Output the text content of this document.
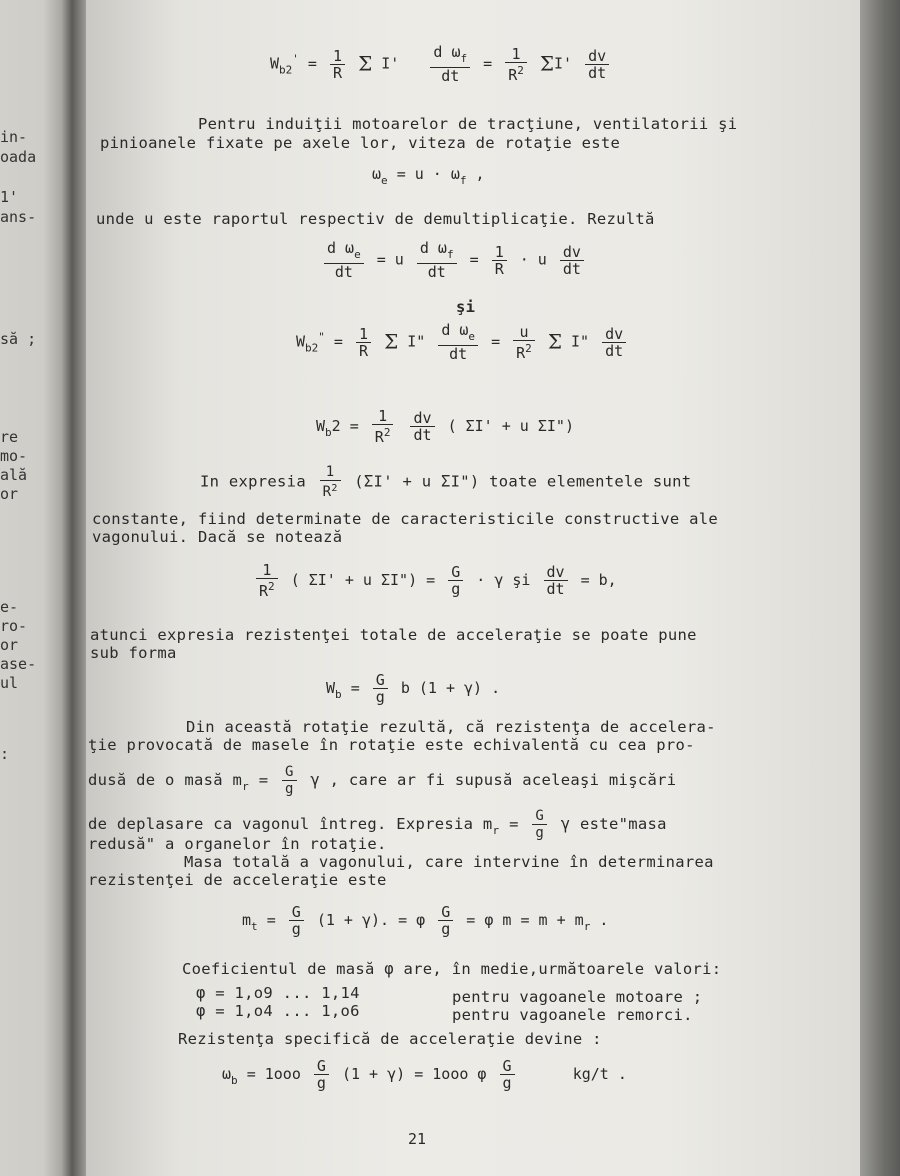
in-
oada
1'
ans-
să ;
re
mo-
ală
or
e-
ro-
or
ase-
ul
:
$W_{b2}' = \frac{1}{R}$ Σ $I' \frac{d \omega_f}{dt} = \frac{1}{R^2} \Sigma I' \frac{dv}{dt}$
Pentru induiţii motoarelor de tracţiune, ventilatorii şi
pinioanele fixate pe axele lor, viteza de rotaţie este
$\omega_e = u \cdot \omega_f$ ,
unde u este raportul respectiv de demultiplicaţie. Rezultă
$\frac{d \omega_e}{dt} = u \frac{d \omega_f}{dt} = \frac{1}{R} \cdot u \frac{dv}{dt}$
şi
$W_{b2}^" = \frac{1}{R}$ Σ I" $\frac{d \omega_e}{dt} = \frac{u}{R^2}$ Σ I" $\frac{dv}{dt}$
$W_b2 = \frac{1}{R^2}$
$\frac{dv}{dt}$ ( ΣI' + u ΣI")
In expresia $\frac{1}{R^2} (\Sigma I' + u$ ΣI") toate elementele sunt
constante, fiind determinate de caracteristicile constructive ale
vagonului. Dacă se notează
$\frac{1}{R^2}$ ( ΣI' + u ΣI") = $\frac{G}{g} \cdot \gamma$ şi $\frac{dv}{dt} = b$,
atunci expresia rezistenţei totale de acceleraţie se poate pune
sub forma
$W_b = \frac{G}{g}$ b (1 + γ) .
Din această rotaţie rezultă, că rezistenţa de accelera-
ţie provocată de masele în rotaţie este echivalentă cu cea pro-
dusă de o masă $m_r = \frac{G}{g}$ γ , care ar fi supusă aceleaşi mişcări
de deplasare ca vagonul întreg. Expresia $m_r = \frac{G}{g}$ γ este"masa
redusă" a organelor în rotaţie.
Masa totală a vagonului, care intervine în determinarea
rezistenţei de acceleraţie este
$m_t = \frac{G}{g} (1 + \gamma)$. = φ $\frac{G}{g} = \varphi$ $m = m + m_r$ .
Coeficientul de masă φ are, în medie,următoarele valori:
φ = 1,o9 ... 1,14	pentru vagoanele motoare ;
φ = 1,o4 ... 1,o6	pentru vagoanele remorci.
Rezistenţa specifică de acceleraţie devine :
$\omega_b = 1ooo \frac{G}{g} (1 + \gamma) = 1ooo$ φ $\frac{G}{g}$	kg/t .
21
